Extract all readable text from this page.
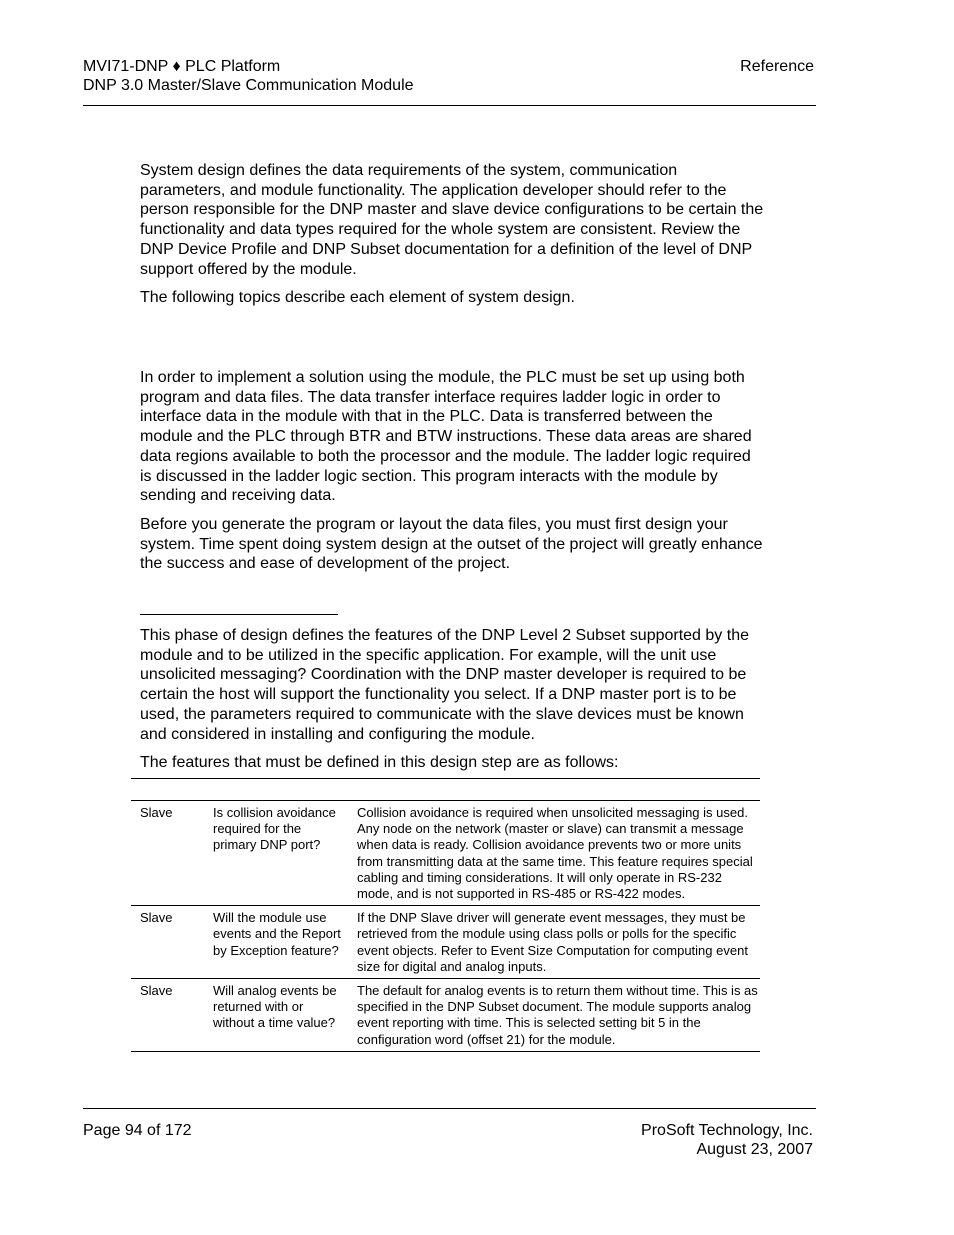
MVI71-DNP ♦ PLC Platform
DNP 3.0 Master/Slave Communication Module
Reference

System design defines the data requirements of the system, communication parameters, and module functionality. The application developer should refer to the person responsible for the DNP master and slave device configurations to be certain the functionality and data types required for the whole system are consistent. Review the DNP Device Profile and DNP Subset documentation for a definition of the level of DNP support offered by the module.

The following topics describe each element of system design.

In order to implement a solution using the module, the PLC must be set up using both program and data files. The data transfer interface requires ladder logic in order to interface data in the module with that in the PLC. Data is transferred between the module and the PLC through BTR and BTW instructions. These data areas are shared data regions available to both the processor and the module. The ladder logic required is discussed in the ladder logic section. This program interacts with the module by sending and receiving data.

Before you generate the program or layout the data files, you must first design your system. Time spent doing system design at the outset of the project will greatly enhance the success and ease of development of the project.

This phase of design defines the features of the DNP Level 2 Subset supported by the module and to be utilized in the specific application. For example, will the unit use unsolicited messaging? Coordination with the DNP master developer is required to be certain the host will support the functionality you select. If a DNP master port is to be used, the parameters required to communicate with the slave devices must be known and considered in installing and configuring the module.

The features that must be defined in this design step are as follows:

Slave	Is collision avoidance required for the primary DNP port?	Collision avoidance is required when unsolicited messaging is used. Any node on the network (master or slave) can transmit a message when data is ready. Collision avoidance prevents two or more units from transmitting data at the same time. This feature requires special cabling and timing considerations. It will only operate in RS-232 mode, and is not supported in RS-485 or RS-422 modes.
Slave	Will the module use events and the Report by Exception feature?	If the DNP Slave driver will generate event messages, they must be retrieved from the module using class polls or polls for the specific event objects. Refer to Event Size Computation for computing event size for digital and analog inputs.
Slave	Will analog events be returned with or without a time value?	The default for analog events is to return them without time. This is as specified in the DNP Subset document. The module supports analog event reporting with time. This is selected setting bit 5 in the configuration word (offset 21) for the module.
Page 94 of 172	ProSoft Technology, Inc.
August 23, 2007
